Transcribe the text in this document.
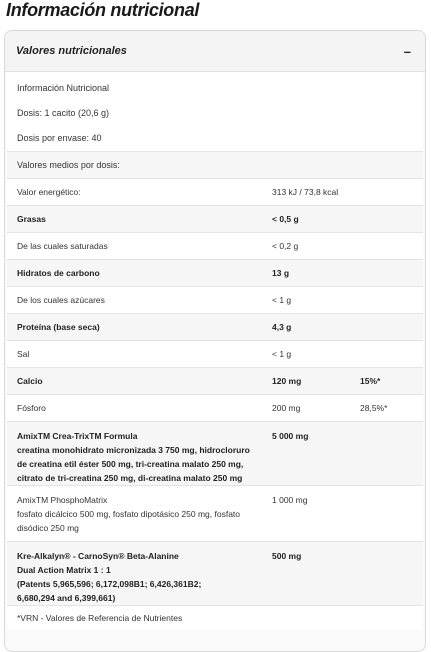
Información nutricional
Valores nutricionales	–
Información Nutricional
Dosis: 1 cacito (20,6 g)
Dosis por envase: 40
Valores medios por dosis:		
Valor energético:	313 kJ / 73,8 kcal	
Grasas	< 0,5 g	
De las cuales saturadas	< 0,2 g	
Hidratos de carbono	13 g	
De los cuales azúcares	< 1 g	
Proteína (base seca)	4,3 g	
Sal	< 1 g	
Calcio	120 mg	15%*
Fósforo	200 mg	28,5%*

AmixTM Crea-TrixTM Formula
creatina monohidrato micronizada 3 750 mg, hidrocloruro
de creatina etil éster 500 mg, tri-creatina malato 250 mg,
citrato de tri-creatina 250 mg, di-creatina malato 250 mg	5 000 mg	

AmixTM PhosphoMatrix
fosfato dicálcico 500 mg, fosfato dipotásico 250 mg, fosfato
disódico 250 mg	1 000 mg	

Kre-Alkalyn® - CarnoSyn® Beta-Alanine
Dual Action Matrix 1 : 1
(Patents 5,965,596; 6,172,098B1; 6,426,361B2;
6,680,294 and 6,399,661)	500 mg	
*VRN - Valores de Referencia de Nutrientes
